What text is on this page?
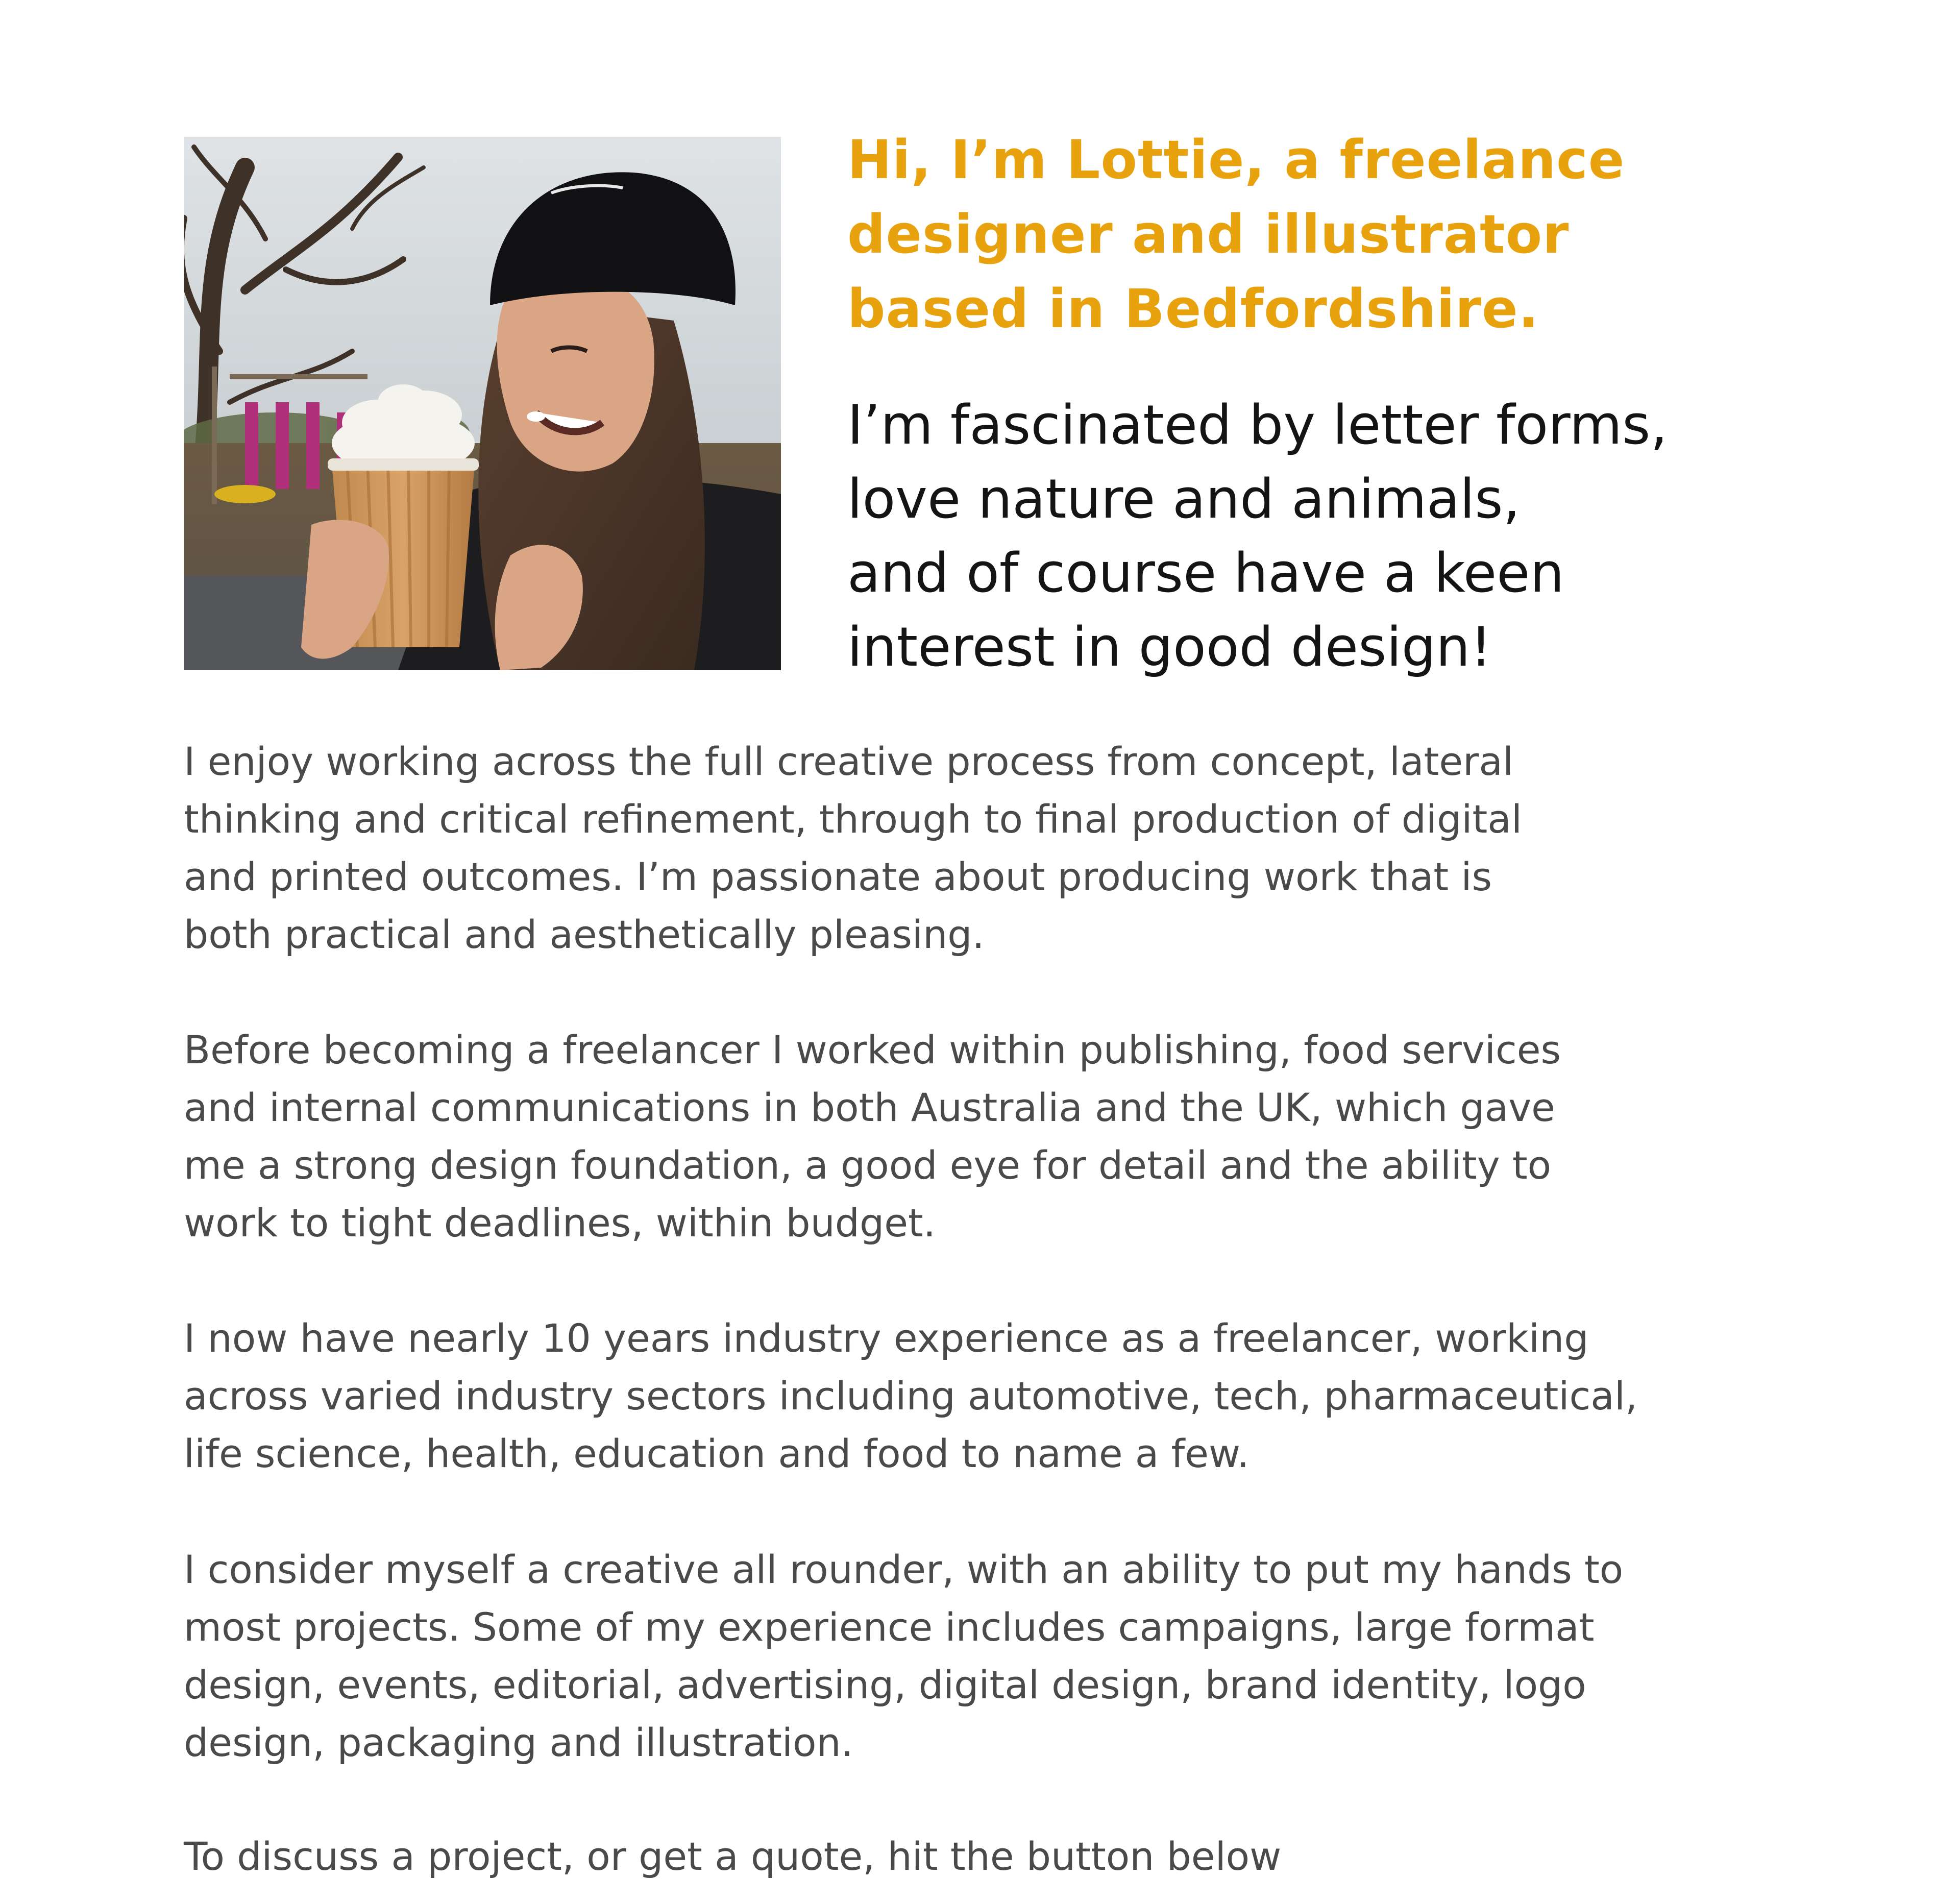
Hi, I’m Lottie, a freelance
designer and illustrator
based in Bedfordshire.

I’m fascinated by letter forms,
love nature and animals,
and of course have a keen
interest in good design!

I enjoy working across the full creative process from concept, lateral
thinking and critical refinement, through to final production of digital
and printed outcomes. I’m passionate about producing work that is
both practical and aesthetically pleasing.

Before becoming a freelancer I worked within publishing, food services
and internal communications in both Australia and the UK, which gave
me a strong design foundation, a good eye for detail and the ability to
work to tight deadlines, within budget.

I now have nearly 10 years industry experience as a freelancer, working
across varied industry sectors including automotive, tech, pharmaceutical,
life science, health, education and food to name a few.

I consider myself a creative all rounder, with an ability to put my hands to
most projects. Some of my experience includes campaigns, large format
design, events, editorial, advertising, digital design, brand identity, logo
design, packaging and illustration.

To discuss a project, or get a quote, hit the button below
